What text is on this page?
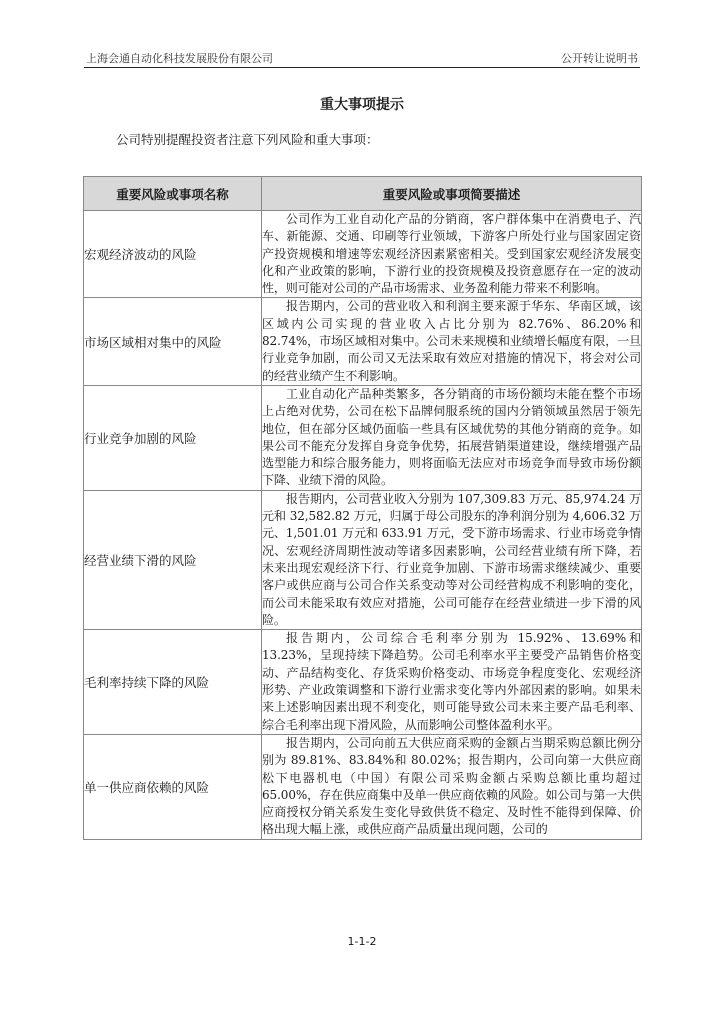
上海会通自动化科技发展股份有限公司	公开转让说明书
重大事项提示
公司特别提醒投资者注意下列风险和重大事项：
重要风险或事项名称	重要风险或事项简要描述
宏观经济波动的风险	公司作为工业自动化产品的分销商，客户群体集中在消费电子、汽车、新能源、交通、印刷等行业领域，下游客户所处行业与国家固定资产投资规模和增速等宏观经济因素紧密相关。受到国家宏观经济发展变化和产业政策的影响，下游行业的投资规模及投资意愿存在一定的波动性，则可能对公司的产品市场需求、业务盈利能力带来不利影响。
市场区域相对集中的风险	报告期内，公司的营业收入和利润主要来源于华东、华南区域，该区域内公司实现的营业收入占比分别为 82.76%、86.20%和 82.74%，市场区域相对集中。公司未来规模和业绩增长幅度有限，一旦行业竞争加剧，而公司又无法采取有效应对措施的情况下，将会对公司的经营业绩产生不利影响。
行业竞争加剧的风险	工业自动化产品种类繁多，各分销商的市场份额均未能在整个市场上占绝对优势，公司在松下品牌伺服系统的国内分销领域虽然居于领先地位，但在部分区域仍面临一些具有区域优势的其他分销商的竞争。如果公司不能充分发挥自身竞争优势，拓展营销渠道建设，继续增强产品选型能力和综合服务能力，则将面临无法应对市场竞争而导致市场份额下降、业绩下滑的风险。
经营业绩下滑的风险	报告期内，公司营业收入分别为 107,309.83 万元、85,974.24 万元和 32,582.82 万元，归属于母公司股东的净利润分别为 4,606.32 万元、1,501.01 万元和 633.91 万元，受下游市场需求、行业市场竞争情况、宏观经济周期性波动等诸多因素影响，公司经营业绩有所下降，若未来出现宏观经济下行、行业竞争加剧、下游市场需求继续减少、重要客户或供应商与公司合作关系变动等对公司经营构成不利影响的变化，而公司未能采取有效应对措施，公司可能存在经营业绩进一步下滑的风险。
毛利率持续下降的风险	报告期内，公司综合毛利率分别为 15.92%、13.69%和 13.23%，呈现持续下降趋势。公司毛利率水平主要受产品销售价格变动、产品结构变化、存货采购价格变动、市场竞争程度变化、宏观经济形势、产业政策调整和下游行业需求变化等内外部因素的影响。如果未来上述影响因素出现不利变化，则可能导致公司未来主要产品毛利率、综合毛利率出现下滑风险，从而影响公司整体盈利水平。
单一供应商依赖的风险	报告期内，公司向前五大供应商采购的金额占当期采购总额比例分别为 89.81%、83.84%和 80.02%；报告期内，公司向第一大供应商松下电器机电（中国）有限公司采购金额占采购总额比重均超过 65.00%，存在供应商集中及单一供应商依赖的风险。如公司与第一大供应商授权分销关系发生变化导致供货不稳定、及时性不能得到保障、价格出现大幅上涨，或供应商产品质量出现问题，公司的
1-1-2
